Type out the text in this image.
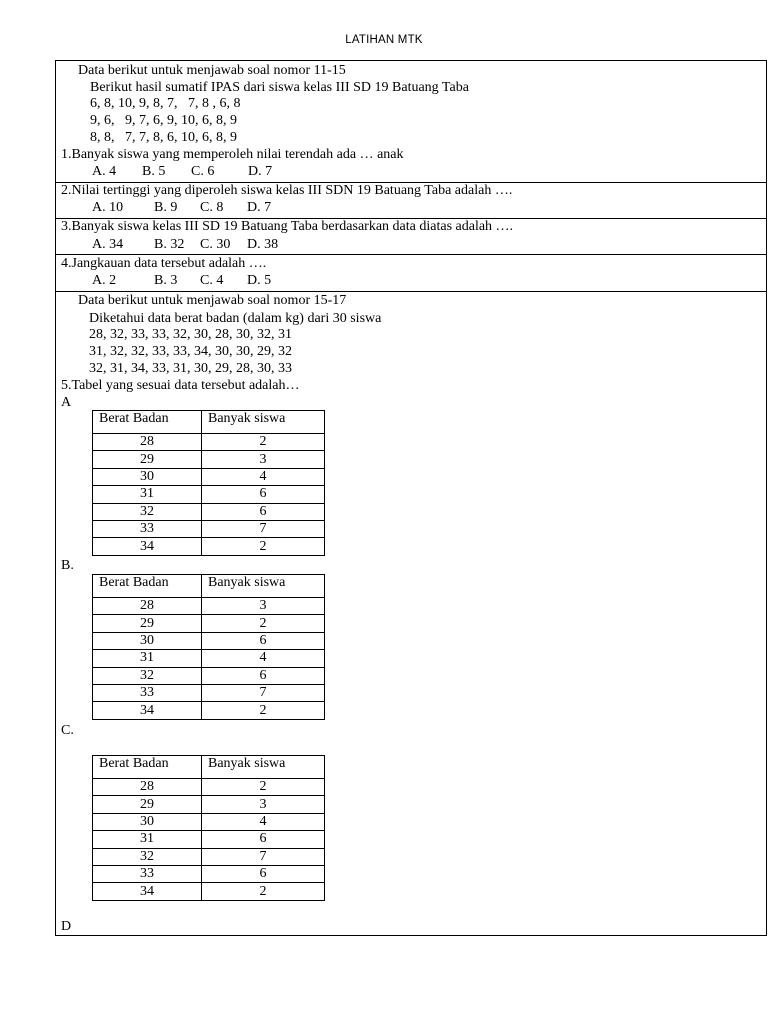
LATIHAN MTK
Data berikut untuk menjawab soal nomor 11-15
Berikut hasil sumatif IPAS dari siswa kelas III SD 19 Batuang Taba
6, 8, 10, 9, 8, 7,   7, 8 , 6, 8
9, 6,   9, 7, 6, 9, 10, 6, 8, 9
8, 8,   7, 7, 8, 6, 10, 6, 8, 9
1.Banyak siswa yang memperoleh nilai terendah ada … anak
A. 4 B. 5 C. 6 D. 7
2.Nilai tertinggi yang diperoleh siswa kelas III SDN 19 Batuang Taba adalah ….
A. 10 B. 9 C. 8 D. 7
3.Banyak siswa kelas III SD 19 Batuang Taba berdasarkan data diatas adalah ….
A. 34 B. 32 C. 30 D. 38
4.Jangkauan data tersebut adalah ….
A. 2	B. 3 C. 4 D. 5
Data berikut untuk menjawab soal nomor 15-17
Diketahui data berat badan (dalam kg) dari 30 siswa
28, 32, 33, 33, 32, 30, 28, 30, 32, 31
31, 32, 32, 33, 33, 34, 30, 30, 29, 32
32, 31, 34, 33, 31, 30, 29, 28, 30, 33
5.Tabel yang sesuai data tersebut adalah…
A
Berat Badan	Banyak siswa
28	2
29	3
30	4
31	6
32	6
33	7
34	2
B.
Berat Badan	Banyak siswa
28	3
29	2
30	6
31	4
32	6
33	7
34	2
C.
Berat Badan	Banyak siswa
28	2
29	3
30	4
31	6
32	7
33	6
34	2
D
